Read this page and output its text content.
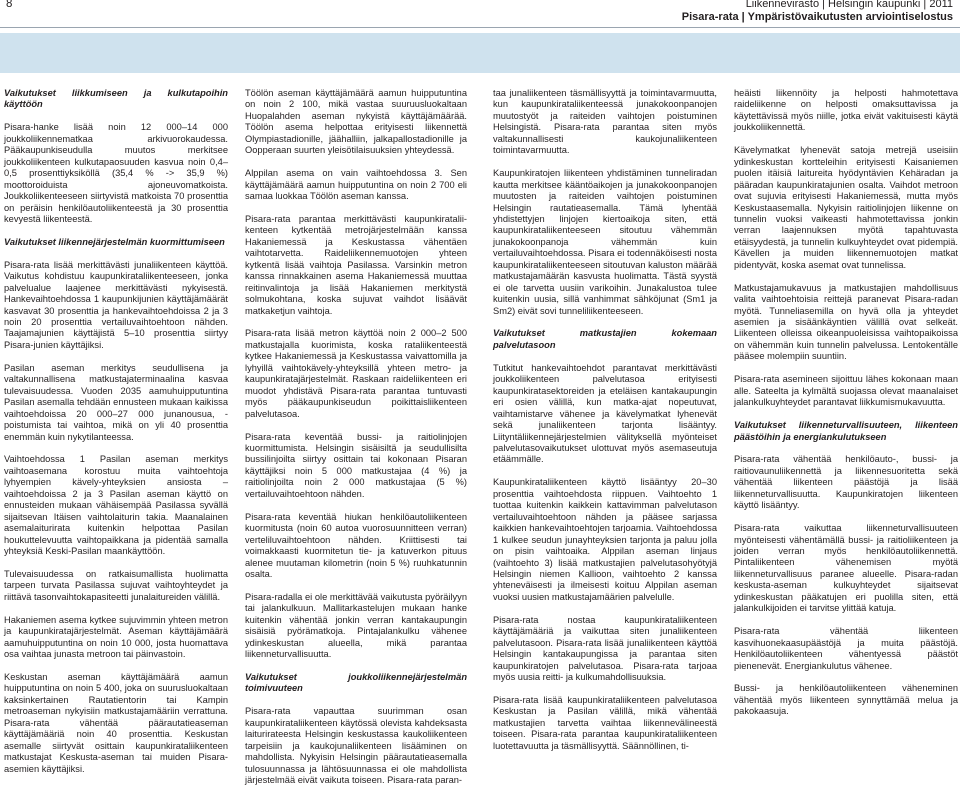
8	Liikennevirasto | Helsingin kaupunki | 2011
Pisara-rata | Ympäristövaikutusten arviointiselostus
Vaikutukset liikkumiseen ja kulkutapoihin käyttöön

Pisara-hanke lisää noin 12 000–14 000 joukkoliikennematkaa arkivuorokaudessa. Pääkaupunkiseudulla muutos merkitsee joukkoliikenteen kulkutapaosuuden kasvua noin 0,4–0,5 prosenttiyksiköllä (35,4 % -> 35,9 %) moottoroiduista ajoneuvomatkoista. Joukkoliikenteeseen siirtyvistä matkoista 70 prosenttia on peräisin henkilöautoliikenteestä ja 30 prosenttia kevyestä liikenteestä.

Vaikutukset liikennejärjestelmän kuormittumiseen

Pisara-rata lisää merkittävästi junaliikenteen käyttöä. Vaikutus kohdistuu kaupunkirataliikenteeseen, jonka palvelualue laajenee merkittävästi nykyisestä. Hankevaihtoehdossa 1 kaupunkijunien käyttäjämäärät kasvavat 30 prosenttia ja hankevaihtoehdoissa 2 ja 3 noin 20 prosenttia vertailuvaihtoehtoon nähden. Taajamajunien käyttäjistä 5–10 prosenttia siirtyy Pisara-junien käyttäjiksi.

Pasilan aseman merkitys seudullisena ja valtakunnallisena matkustajaterminaalina kasvaa tulevaisuudessa. Vuoden 2035 aamuhuipputuntina Pasilan asemalla tehdään ennusteen mukaan kaikissa vaihtoehdoissa 20 000–27 000 junanousua, -poistumista tai vaihtoa, mikä on yli 40 prosenttia enemmän kuin nykytilanteessa.

Vaihtoehdossa 1 Pasilan aseman merkitys vaihtoasemana korostuu muita vaihtoehtoja lyhyempien kävely-yhteyksien ansiosta – vaihtoehdoissa 2 ja 3 Pasilan aseman käyttö on ennusteiden mukaan vähäisempää Pasilassa syvällä sijaitsevan Itäisen vaihtolaiturin takia. Maanalainen asemalaiturirata kuitenkin helpottaa Pasilan houkuttelevuutta vaihtopaikkana ja pidentää samalla yhteyksiä Keski-Pasilan maankäyttöön.

Tulevaisuudessa on ratkaisumallista huolimatta tarpeen turvata Pasilassa sujuvat vaihtoyhteydet ja riittävä tasonvaihtokapasiteetti junalaitureiden välillä.

Hakaniemen asema kytkee sujuvimmin yhteen metron ja kaupunkiratajärjestelmät. Aseman käyttäjämäärä aamuhuipputuntina on noin 10 000, josta huomattava osa vaihtaa junasta metroon tai päinvastoin.

Keskustan aseman käyttäjämäärä aamun huipputuntina on noin 5 400, joka on suurusluokaltaan kaksinkertainen Rautatientorin tai Kampin metroaseman nykyisiin matkustajamääriin verrattuna. Pisara-rata vähentää päärautatieaseman käyttäjämääriä noin 40 prosenttia. Keskustan asemalle siirtyvät osittain kaupunkirataliikenteen matkustajat Keskusta-aseman tai muiden Pisara-asemien käyttäjiksi.

Töölön aseman käyttäjämäärä aamun huipputuntina on noin 2 100, mikä vastaa suuruusluokaltaan Huopalahden aseman nykyistä käyttäjämäärää. Töölön asema helpottaa erityisesti liikennettä Olympiastadionille, jäähalliin, jalkapallostadionille ja Oopperaan suurten yleisötilaisuuksien yhteydessä.

Alppilan asema on vain vaihtoehdossa 3. Sen käyttäjämäärä aamun huipputuntina on noin 2 700 eli samaa luokkaa Töölön aseman kanssa.

Pisara-rata parantaa merkittävästi kaupunkirataliikenteen kytkentää metrojärjestelmään kanssa Hakaniemessä ja Keskustassa vähentäen vaihtotarvetta. Raideliikennemuotojen yhteen kytkentä lisää vaihtoja Pasilassa. Varsinkin metron kanssa rinnakkainen asema Hakaniemessä muuttaa reitinvalintoja ja lisää Hakaniemen merkitystä solmukohtana, koska sujuvat vaihdot lisäävät matkaketjun vaihtoja.

Pisara-rata lisää metron käyttöä noin 2 000–2 500 matkustajalla kuorimista, koska rataliikenteestä kytkee Hakaniemessä ja Keskustassa vaivattomilla ja lyhyillä vaihtokävely-yhteyksillä yhteen metro- ja kaupunkiratajärjestelmät. Raskaan raideliikenteen eri muodot yhdistävä Pisara-rata parantaa tuntuvasti myös pääkaupunkiseudun poikittaisliikenteen palvelutasoa.

Pisara-rata keventää bussi- ja raitiolinjojen kuormittumista. Helsingin sisäisiltä ja seudullisilta bussilinjoilta siirtyy osittain tai kokonaan Pisaran käyttäjiksi noin 5 000 matkustajaa (4 %) ja raitiolinjoilta noin 2 000 matkustajaa (5 %) vertailuvaihtoehtoon nähden.

Pisara-rata keventää hiukan henkilöautoliikenteen kuormitusta (noin 60 autoa vuorosuunnitteen verran) verteliluvaihtoehtoon nähden. Kriittisesti tai voimakkaasti kuormitetun tie- ja katuverkon pituus alenee muutaman kilometrin (noin 5 %) ruuhkatunnin osalta.

Pisara-radalla ei ole merkittävää vaikutusta pyöräilyyn tai jalankulkuun. Mallitarkastelujen mukaan hanke kuitenkin vähentää jonkin verran kantakaupungin sisäisiä pyörämatkoja. Pintajalankulku vähenee ydinkeskustan alueella, mikä parantaa liikenneturvallisuutta.

Vaikutukset joukkoliikennejärjestelmän toimivuuteen

Pisara-rata vapauttaa suurimman osan kaupunkirataliikenteen käytössä olevista kahdeksasta laiturirateesta Helsingin keskustassa kaukoliikenteen tarpeisiin ja kaukojunaliikenteen lisääminen on mahdollista. Nykyisin Helsingin päärautatieasemalla tulosuunnassa ja lähtösuunnassa ei ole mahdollista järjestelmää eivät vaikuta toiseen. Pisara-rata paran-

taa junaliikenteen täsmällisyyttä ja toimintavarmuutta, kun kaupunkirataliikenteessä junakokoonpanojen muutostyöt ja raiteiden vaihtojen poistuminen Helsingistä. Pisara-rata parantaa siten myös valtakunnallisesti kaukojunaliikenteen toimintavarmuutta.

Kaupunkiratojen liikenteen yhdistäminen tunneliradan kautta merkitsee kääntöaikojen ja junakokoonpanojen muutosten ja raiteiden vaihtojen poistuminen Helsingin rautatieasemalla. Tämä lyhentää yhdistettyjen linjojen kiertoaikoja siten, että kaupunkirataliikenteeseen sitoutuu vähemmän junakokoonpanoja vähemmän kuin vertailuvaihtoehdossa. Pisara ei todennäköisesti nosta kaupunkirataliikenteeseen sitoutuvan kaluston määrää matkustajamäärän kasvusta huolimatta. Tästä syystä ei ole tarvetta uusiin varikoihin. Junakalustoa tulee kuitenkin uusia, sillä vanhimmat sähköjunat (Sm1 ja Sm2) eivät sovi tunneliliikenteeseen.

Vaikutukset matkustajien kokemaan palvelutasoon

Tutkitut hankevaihtoehdot parantavat merkittävästi joukkoliikenteen palvelutasoa erityisesti kaupunkiratasektoreiden ja eteläisen kantakaupungin eri osien välillä, kun matka-ajat nopeutuvat, vaihtamistarve vähenee ja kävelymatkat lyhenevät sekä junaliikenteen tarjonta lisääntyy. Liityntäliikennejärjestelmien välityksellä myönteiset palvelutasovaikutukset ulottuvat myös asemaseutuja etäämmälle.

Kaupunkirataliikenteen käyttö lisääntyy 20–30 prosenttia vaihtoehdosta riippuen. Vaihtoehto 1 tuottaa kuitenkin kaikkein kattavimman palvelutason vertailuvaihtoehtoon nähden ja pääsee sarjassa kaikkien hankevaihtoehtojen tarjoamia. Vaihtoehdossa 1 kulkee seudun junayhteyksien tarjonta ja paluu jolla on pisin vaihtoaika. Alppilan aseman linjaus (vaihtoehto 3) lisää matkustajien palvelutasohyötyjä Helsingin niemen Kallioon, vaihtoehto 2 kanssa yhteneväisesti ja ilmeisesti koituu Alppilan aseman vuoksi uusien matkustajamäärien palvelulle.

Pisara-rata nostaa kaupunkirataliikenteen käyttäjämääriä ja vaikuttaa siten junaliikenteen palvelutasoon. Pisara-rata lisää junaliikenteen käyttöä Helsingin kantakaupungissa ja parantaa siten kaupunkiratojen palvelutasoa. Pisara-rata tarjoaa myös uusia reitti- ja kulkumahdollisuuksia.

Pisara-rata lisää kaupunkirataliikenteen palvelutasoa Keskustan ja Pasilan välillä, mikä vähentää matkustajien tarvetta vaihtaa liikennevälineestä toiseen. Pisara-rata parantaa kaupunkirataliikenteen luotettavuutta ja täsmällisyyttä. Säännöllinen, ti-

heäisti liikennöity ja helposti hahmotettava raideliikenne on helposti omaksuttavissa ja käytettävissä myös niille, jotka eivät vakituisesti käytä joukkoliikennettä.

Kävelymatkat lyhenevät satoja metrejä useisiin ydinkeskustan kortteleihin erityisesti Kaisaniemen puolen itäisiä laitureita hyödyntävien Kehäradan ja pääradan kaupunkiratajunien osalta. Vaihdot metroon ovat sujuvia erityisesti Hakaniemessä, mutta myös Keskustaasemalla. Nykyisin raitiolinjojen liikenne on tunnelin vuoksi vaikeasti hahmotettavissa jonkin verran laajennuksen myötä tapahtuvasta etäisyydestä, ja tunnelin kulkuyhteydet ovat pidempiä. Kävellen ja muiden liikennemuotojen matkat pidentyvät, koska asemat ovat tunnelissa.

Matkustajamukavuus ja matkustajien mahdollisuus valita vaihtoehtoisia reittejä paranevat Pisara-radan myötä. Tunneliasemilla on hyvä olla ja yhteydet asemien ja sisäänkäyntien välillä ovat selkeät. Liikenteen olleissa oikeanpuoleisissa vaihtopaikoissa on vähemmän kuin tunnelin palvelussa. Lentokentälle pääsee molempiin suuntiin.

Pisara-rata asemineen sijoittuu lähes kokonaan maan alle. Sateelta ja kylmältä suojassa olevat maanalaiset jalankulkuyhteydet parantavat liikkumismukavuutta.

Vaikutukset liikenneturvallisuuteen, liikenteen päästöihin ja energiankulutukseen

Pisara-rata vähentää henkilöauto-, bussi- ja raitiovaunuliikennettä ja liikennesuoritetta sekä vähentää liikenteen päästöjä ja lisää liikenneturvallisuutta. Kaupunkiratojen liikenteen käyttö lisääntyy.

Pisara-rata vaikuttaa liikenneturvallisuuteen myönteisesti vähentämällä bussi- ja raitioliikenteen ja joiden verran myös henkilöautoliikennettä. Pintaliikenteen vähenemisen myötä liikenneturvallisuus paranee alueelle. Pisara-radan keskusta-aseman kulkuyhteydet sijaitsevat ydinkeskustan pääkatujen eri puolilla siten, että jalankulkijoiden ei tarvitse ylittää katuja.

Pisara-rata vähentää liikenteen kasvihuonekaasupäästöjä ja muita päästöjä. Henkilöautoliikenteen vähentyessä päästöt pienenevät. Energiankulutus vähenee.

Bussi- ja henkilöautoliikenteen väheneminen vähentää myös liikenteen synnyttämää melua ja pakokaasuja.
